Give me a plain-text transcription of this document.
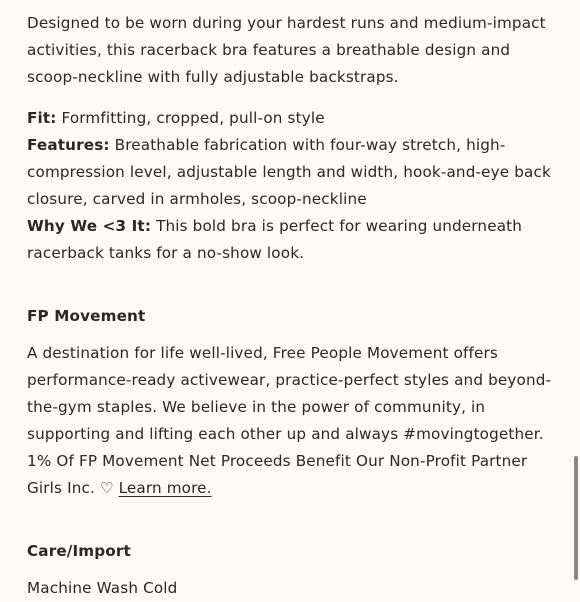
Designed to be worn during your hardest runs and medium-impact activities, this racerback bra features a breathable design and scoop-neckline with fully adjustable backstraps.

Fit: Formfitting, cropped, pull-on style

Features: Breathable fabrication with four-way stretch, high-compression level, adjustable length and width, hook-and-eye back closure, carved in armholes, scoop-neckline

Why We <3 It: This bold bra is perfect for wearing underneath racerback tanks for a no-show look.

FP Movement

A destination for life well-lived, Free People Movement offers performance-ready activewear, practice-perfect styles and beyond-the-gym staples. We believe in the power of community, in supporting and lifting each other up and always #movingtogether. 1% Of FP Movement Net Proceeds Benefit Our Non-Profit Partner Girls Inc. ♡ Learn more.

Care/Import

Machine Wash Cold
